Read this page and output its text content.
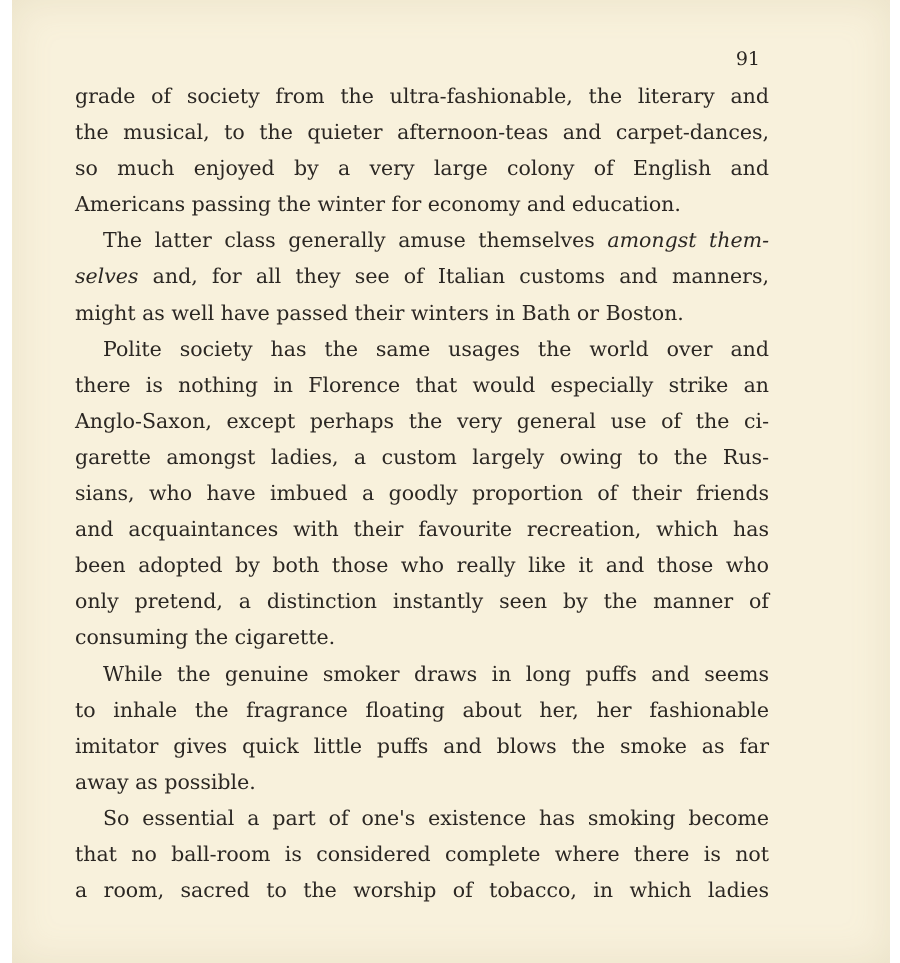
91
grade of society from the ultra-fashionable, the literary and
the musical, to the quieter afternoon-teas and carpet-dances,
so much enjoyed by a very large colony of English and
Americans passing the winter for economy and education.
The latter class generally amuse themselves amongst them-
selves and, for all they see of Italian customs and manners,
might as well have passed their winters in Bath or Boston.
Polite society has the same usages the world over and
there is nothing in Florence that would especially strike an
Anglo-Saxon, except perhaps the very general use of the ci-
garette amongst ladies, a custom largely owing to the Rus-
sians, who have imbued a goodly proportion of their friends
and acquaintances with their favourite recreation, which has
been adopted by both those who really like it and those who
only pretend, a distinction instantly seen by the manner of
consuming the cigarette.
While the genuine smoker draws in long puffs and seems
to inhale the fragrance floating about her, her fashionable
imitator gives quick little puffs and blows the smoke as far
away as possible.
So essential a part of one's existence has smoking become
that no ball-room is considered complete where there is not
a room, sacred to the worship of tobacco, in which ladies
